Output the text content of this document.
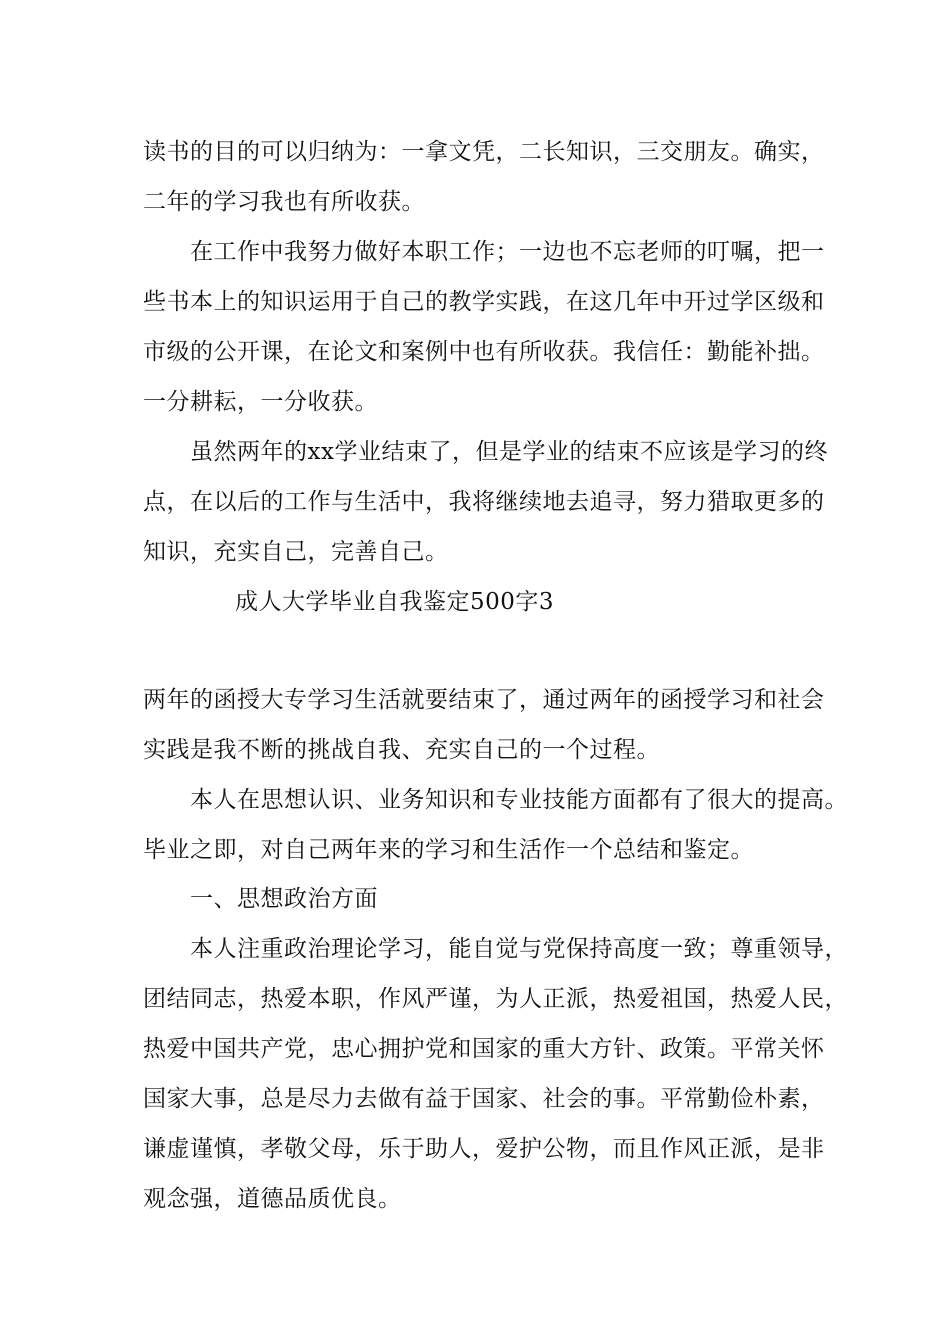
读书的目的可以归纳为：一拿文凭，二长知识，三交朋友。确实，
二年的学习我也有所收获。
在工作中我努力做好本职工作；一边也不忘老师的叮嘱，把一
些书本上的知识运用于自己的教学实践，在这几年中开过学区级和
市级的公开课，在论文和案例中也有所收获。我信任：勤能补拙。
一分耕耘，一分收获。
虽然两年的xx学业结束了，但是学业的结束不应该是学习的终
点，在以后的工作与生活中，我将继续地去追寻，努力猎取更多的
知识，充实自己，完善自己。
成人大学毕业自我鉴定500字3
两年的函授大专学习生活就要结束了，通过两年的函授学习和社会
实践是我不断的挑战自我、充实自己的一个过程。
本人在思想认识、业务知识和专业技能方面都有了很大的提高。
毕业之即，对自己两年来的学习和生活作一个总结和鉴定。
一、思想政治方面
本人注重政治理论学习，能自觉与党保持高度一致；尊重领导，
团结同志，热爱本职，作风严谨，为人正派，热爱祖国，热爱人民，
热爱中国共产党，忠心拥护党和国家的重大方针、政策。平常关怀
国家大事，总是尽力去做有益于国家、社会的事。平常勤俭朴素，
谦虚谨慎，孝敬父母，乐于助人，爱护公物，而且作风正派，是非
观念强，道德品质优良。
